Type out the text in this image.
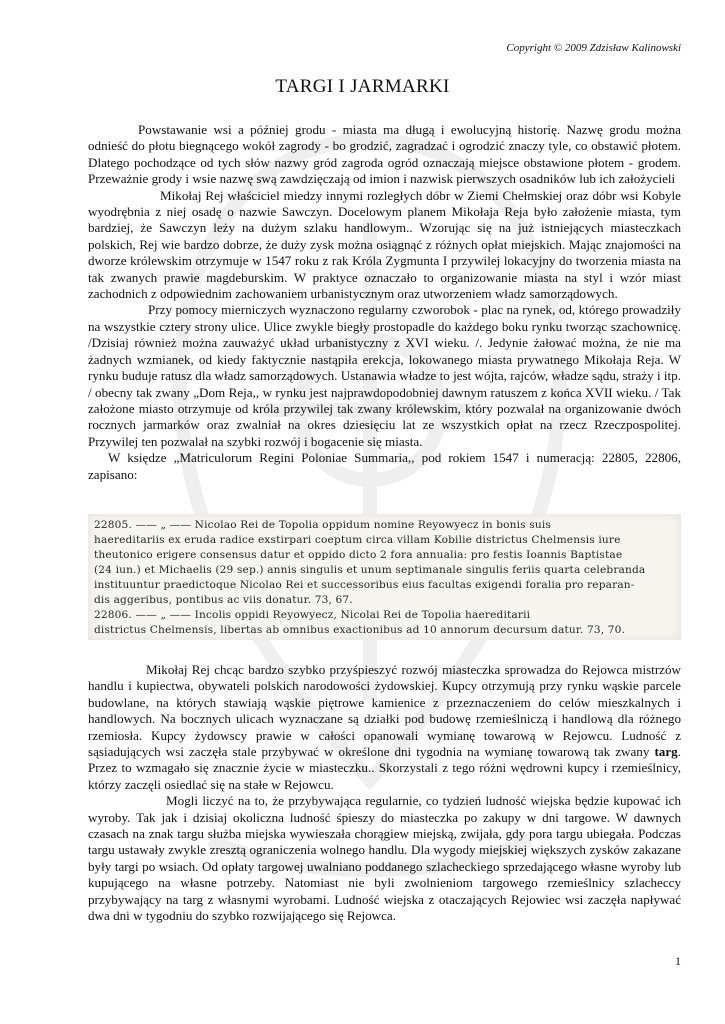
Copyright © 2009 Zdzisław Kalinowski
TARGI I JARMARKI

Powstawanie wsi a później grodu - miasta ma długą i ewolucyjną historię. Nazwę grodu można odnieść do płotu biegnącego wokół zagrody - bo grodzić, zagradzać i ogrodzić znaczy tyle, co obstawić płotem. Dlatego pochodzące od tych słów nazwy gród zagroda ogród oznaczają miejsce obstawione płotem - grodem. Przeważnie grody i wsie nazwę swą zawdzięczają od imion i nazwisk pierwszych osadników lub ich założycieli

Mikołaj Rej właściciel miedzy innymi rozległych dóbr w Ziemi Chełmskiej oraz dóbr wsi Kobyle wyodrębnia z niej osadę o nazwie Sawczyn. Docelowym planem Mikołaja Reja było założenie miasta, tym bardziej, że Sawczyn leży na dużym szlaku handlowym.. Wzorując się na już istniejących miasteczkach polskich, Rej wie bardzo dobrze, że duży zysk można osiągnąć z różnych opłat miejskich. Mając znajomości na dworze królewskim otrzymuje w 1547 roku z rak Króla Zygmunta I przywilej lokacyjny do tworzenia miasta na tak zwanych prawie magdeburskim. W praktyce oznaczało to organizowanie miasta na styl i wzór miast zachodnich z odpowiednim zachowaniem urbanistycznym oraz utworzeniem władz samorządowych.

Przy pomocy mierniczych wyznaczono regularny czworobok - plac na rynek, od, którego prowadziły na wszystkie cztery strony ulice. Ulice zwykle biegły prostopadle do każdego boku rynku tworząc szachownicę. /Dzisiaj również można zauważyć układ urbanistyczny z XVI wieku. /. Jedynie żałować można, że nie ma żadnych wzmianek, od kiedy faktycznie nastąpiła erekcja, lokowanego miasta prywatnego Mikołaja Reja. W rynku buduje ratusz dla władz samorządowych. Ustanawia władze to jest wójta, rajców, władze sądu, straży i itp. / obecny tak zwany „Dom Reja,, w rynku jest najprawdopodobniej dawnym ratuszem z końca XVII wieku. / Tak założone miasto otrzymuje od króla przywilej tak zwany królewskim, który pozwalał na organizowanie dwóch rocznych jarmarków oraz zwalniał na okres dziesięciu lat ze wszystkich opłat na rzecz Rzeczpospolitej. Przywilej ten pozwalał na szybki rozwój i bogacenie się miasta.

W księdze „Matriculorum Regini Poloniae Summaria,, pod rokiem 1547 i numeracją: 22805, 22806, zapisano:

22805. —— „ —— Nicolao Rei de Topolia oppidum nomine Reyowyecz in bonis suis
haereditariis ex eruda radice exstirpari coeptum circa villam Kobilie districtus Chelmensis iure
theutonico erigere consensus datur et oppido dicto 2 fora annualia: pro festis Ioannis Baptistae
(24 iun.) et Michaelis (29 sep.) annis singulis et unum septimanale singulis feriis quarta celebranda
instituuntur praedictoque Nicolao Rei et successoribus eius facultas exigendi foralia pro reparan-
dis aggeribus, pontibus ac viis donatur. 73, 67.
22806. —— „ —— Incolis oppidi Reyowyecz, Nicolai Rei de Topolia haereditarii
districtus Chelmensis, libertas ab omnibus exactionibus ad 10 annorum decursum datur. 73, 70.

Mikołaj Rej chcąc bardzo szybko przyśpieszyć rozwój miasteczka sprowadza do Rejowca mistrzów handlu i kupiectwa, obywateli polskich narodowości żydowskiej. Kupcy otrzymują przy rynku wąskie parcele budowlane, na których stawiają wąskie piętrowe kamienice z przeznaczeniem do celów mieszkalnych i handlowych. Na bocznych ulicach wyznaczane są działki pod budowę rzemieślniczą i handlową dla różnego rzemiosła. Kupcy żydowscy prawie w całości opanowali wymianę towarową w Rejowcu. Ludność z sąsiadujących wsi zaczęła stale przybywać w określone dni tygodnia na wymianę towarową tak zwany targ. Przez to wzmagało się znacznie życie w miasteczku.. Skorzystali z tego różni wędrowni kupcy i rzemieślnicy, którzy zaczęli osiedlać się na stałe w Rejowcu.

Mogli liczyć na to, że przybywająca regularnie, co tydzień ludność wiejska będzie kupować ich wyroby. Tak jak i dzisiaj okoliczna ludność śpieszy do miasteczka po zakupy w dni targowe. W dawnych czasach na znak targu służba miejska wywieszała chorągiew miejską, zwijała, gdy pora targu ubiegała. Podczas targu ustawały zwykle zresztą ograniczenia wolnego handlu. Dla wygody miejskiej większych zysków zakazane były targi po wsiach. Od opłaty targowej uwalniano poddanego szlacheckiego sprzedającego własne wyroby lub kupującego na własne potrzeby. Natomiast nie byli zwolnieniom targowego rzemieślnicy szlacheccy przybywający na targ z własnymi wyrobami. Ludność wiejska z otaczających Rejowiec wsi zaczęła napływać dwa dni w tygodniu do szybko rozwijającego się Rejowca.

1
